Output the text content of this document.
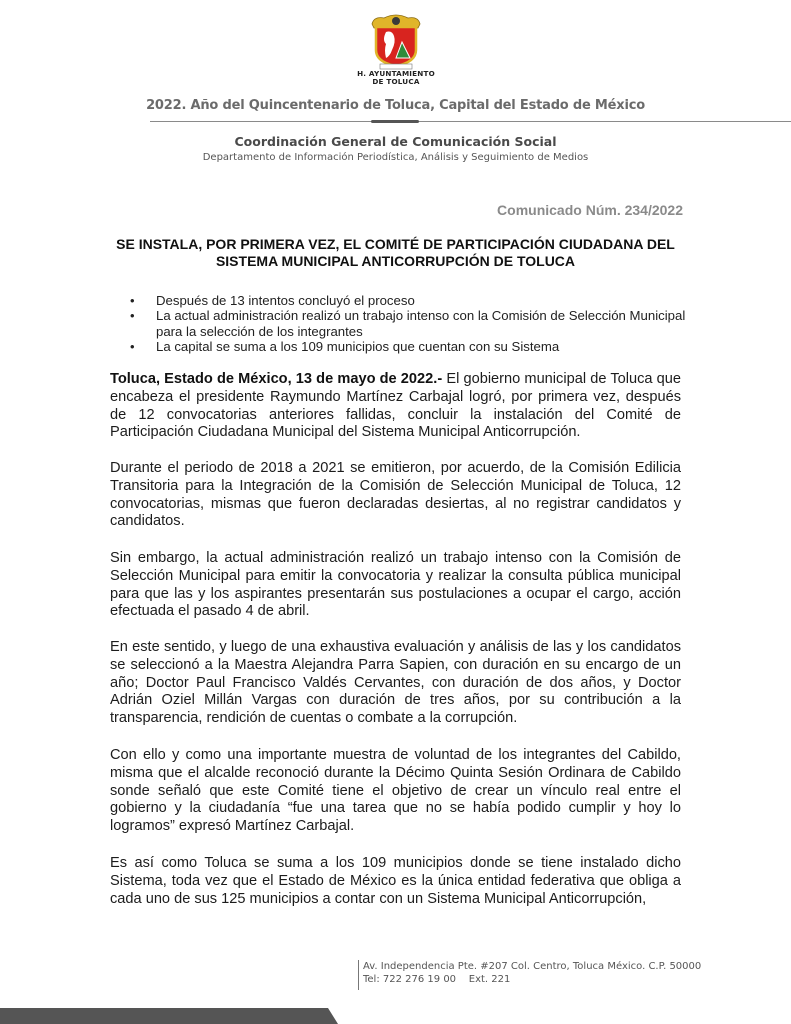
H. AYUNTAMIENTO
DE TOLUCA
2022. Año del Quincentenario de Toluca, Capital del Estado de México
Coordinación General de Comunicación Social
Departamento de Información Periodística, Análisis y Seguimiento de Medios
Comunicado Núm. 234/2022
SE INSTALA, POR PRIMERA VEZ, EL COMITÉ DE PARTICIPACIÓN CIUDADANA DEL SISTEMA MUNICIPAL ANTICORRUPCIÓN DE TOLUCA
• Después de 13 intentos concluyó el proceso
• La actual administración realizó un trabajo intenso con la Comisión de Selección Municipal para la selección de los integrantes
• La capital se suma a los 109 municipios que cuentan con su Sistema

Toluca, Estado de México, 13 de mayo de 2022.- El gobierno municipal de Toluca que encabeza el presidente Raymundo Martínez Carbajal logró, por primera vez, después de 12 convocatorias anteriores fallidas, concluir la instalación del Comité de Participación Ciudadana Municipal del Sistema Municipal Anticorrupción.

Durante el periodo de 2018 a 2021 se emitieron, por acuerdo, de la Comisión Edilicia Transitoria para la Integración de la Comisión de Selección Municipal de Toluca, 12 convocatorias, mismas que fueron declaradas desiertas, al no registrar candidatos y candidatos.

Sin embargo, la actual administración realizó un trabajo intenso con la Comisión de Selección Municipal para emitir la convocatoria y realizar la consulta pública municipal para que las y los aspirantes presentarán sus postulaciones a ocupar el cargo, acción efectuada el pasado 4 de abril.

En este sentido, y luego de una exhaustiva evaluación y análisis de las y los candidatos se seleccionó a la Maestra Alejandra Parra Sapien, con duración en su encargo de un año; Doctor Paul Francisco Valdés Cervantes, con duración de dos años, y Doctor Adrián Oziel Millán Vargas con duración de tres años, por su contribución a la transparencia, rendición de cuentas o combate a la corrupción.

Con ello y como una importante muestra de voluntad de los integrantes del Cabildo, misma que el alcalde reconoció durante la Décimo Quinta Sesión Ordinara de Cabildo sonde señaló que este Comité tiene el objetivo de crear un vínculo real entre el gobierno y la ciudadanía “fue una tarea que no se había podido cumplir y hoy lo logramos” expresó Martínez Carbajal.

Es así como Toluca se suma a los 109 municipios donde se tiene instalado dicho Sistema, toda vez que el Estado de México es la única entidad federativa que obliga a cada uno de sus 125 municipios a contar con un Sistema Municipal Anticorrupción,

Av. Independencia Pte. #207 Col. Centro, Toluca México. C.P. 50000
Tel: 722 276 19 00    Ext. 221
